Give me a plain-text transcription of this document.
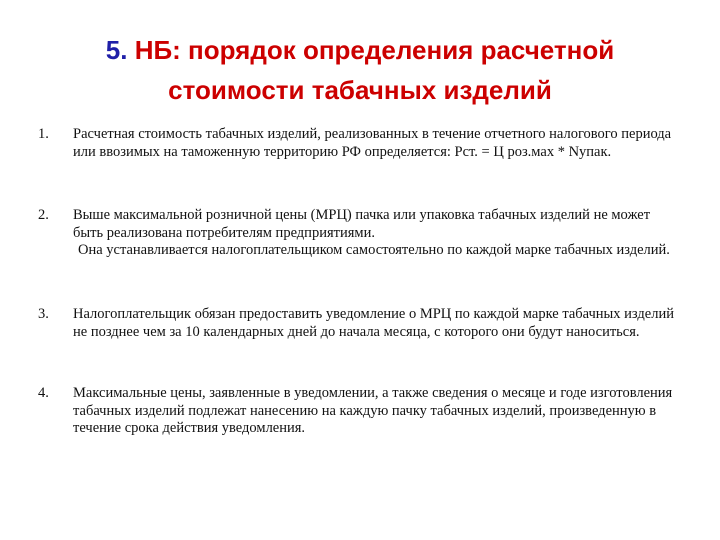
5. НБ: порядок определения расчетной
стоимости табачных изделий
1.	Расчетная стоимость табачных изделий, реализованных в течение отчетного налогового периода или ввозимых на таможенную территорию РФ определяется: Рст. = Ц роз.мах * Nупак.

2.	Выше максимальной розничной цены (МРЦ) пачка или упаковка табачных изделий не может быть реализована потребителям предприятиями.

Она устанавливается налогоплательщиком самостоятельно по каждой марке табачных изделий.

3.	Налогоплательщик обязан предоставить уведомление о МРЦ по каждой марке табачных изделий не позднее чем за 10 календарных дней до начала месяца, с которого они будут наноситься.

4.	Максимальные цены, заявленные в уведомлении, а также сведения о месяце и годе изготовления табачных изделий подлежат нанесению на каждую пачку табачных изделий, произведенную в течение срока действия уведомления.
